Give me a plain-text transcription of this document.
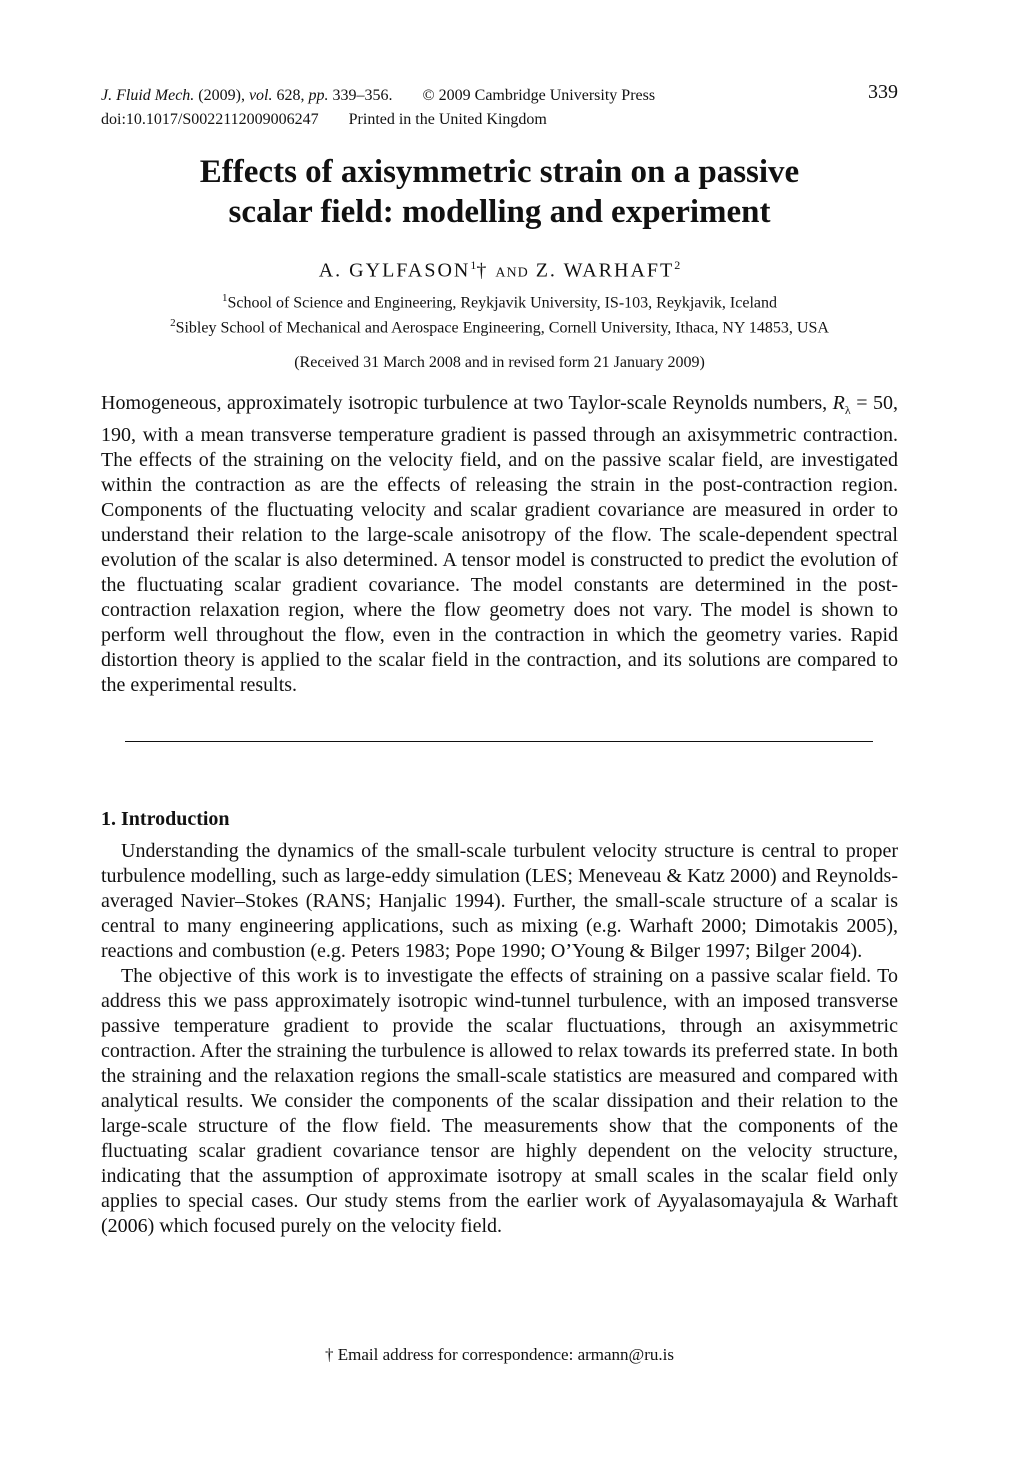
J. Fluid Mech. (2009), vol. 628, pp. 339–356. © 2009 Cambridge University Press
doi:10.1017/S0022112009006247 Printed in the United Kingdom
339
Effects of axisymmetric strain on a passive
scalar field: modelling and experiment
A. GYLFASON$^1$† AND Z. WARHAFT$^2$
$^1$School of Science and Engineering, Reykjavik University, IS-103, Reykjavik, Iceland
$^2$Sibley School of Mechanical and Aerospace Engineering, Cornell University, Ithaca, NY 14853, USA
(Received 31 March 2008 and in revised form 21 January 2009)
Homogeneous, approximately isotropic turbulence at two Taylor-scale Reynolds numbers, $R_\lambda = 50$, 190, with a mean transverse temperature gradient is passed through an axisymmetric contraction. The effects of the straining on the velocity field, and on the passive scalar field, are investigated within the contraction as are the effects of releasing the strain in the post-contraction region. Components of the fluctuating velocity and scalar gradient covariance are measured in order to understand their relation to the large-scale anisotropy of the flow. The scale-dependent spectral evolution of the scalar is also determined. A tensor model is constructed to predict the evolution of the fluctuating scalar gradient covariance. The model constants are determined in the post-contraction relaxation region, where the flow geometry does not vary. The model is shown to perform well throughout the flow, even in the contraction in which the geometry varies. Rapid distortion theory is applied to the scalar field in the contraction, and its solutions are compared to the experimental results.
1. Introduction

Understanding the dynamics of the small-scale turbulent velocity structure is central to proper turbulence modelling, such as large-eddy simulation (LES; Meneveau & Katz 2000) and Reynolds-averaged Navier–Stokes (RANS; Hanjalic 1994). Further, the small-scale structure of a scalar is central to many engineering applications, such as mixing (e.g. Warhaft 2000; Dimotakis 2005), reactions and combustion (e.g. Peters 1983; Pope 1990; O’Young & Bilger 1997; Bilger 2004).

The objective of this work is to investigate the effects of straining on a passive scalar field. To address this we pass approximately isotropic wind-tunnel turbulence, with an imposed transverse passive temperature gradient to provide the scalar fluctuations, through an axisymmetric contraction. After the straining the turbulence is allowed to relax towards its preferred state. In both the straining and the relaxation regions the small-scale statistics are measured and compared with analytical results. We consider the components of the scalar dissipation and their relation to the large-scale structure of the flow field. The measurements show that the components of the fluctuating scalar gradient covariance tensor are highly dependent on the velocity structure, indicating that the assumption of approximate isotropy at small scales in the scalar field only applies to special cases. Our study stems from the earlier work of Ayyalasomayajula & Warhaft (2006) which focused purely on the velocity field.

† Email address for correspondence: armann@ru.is
